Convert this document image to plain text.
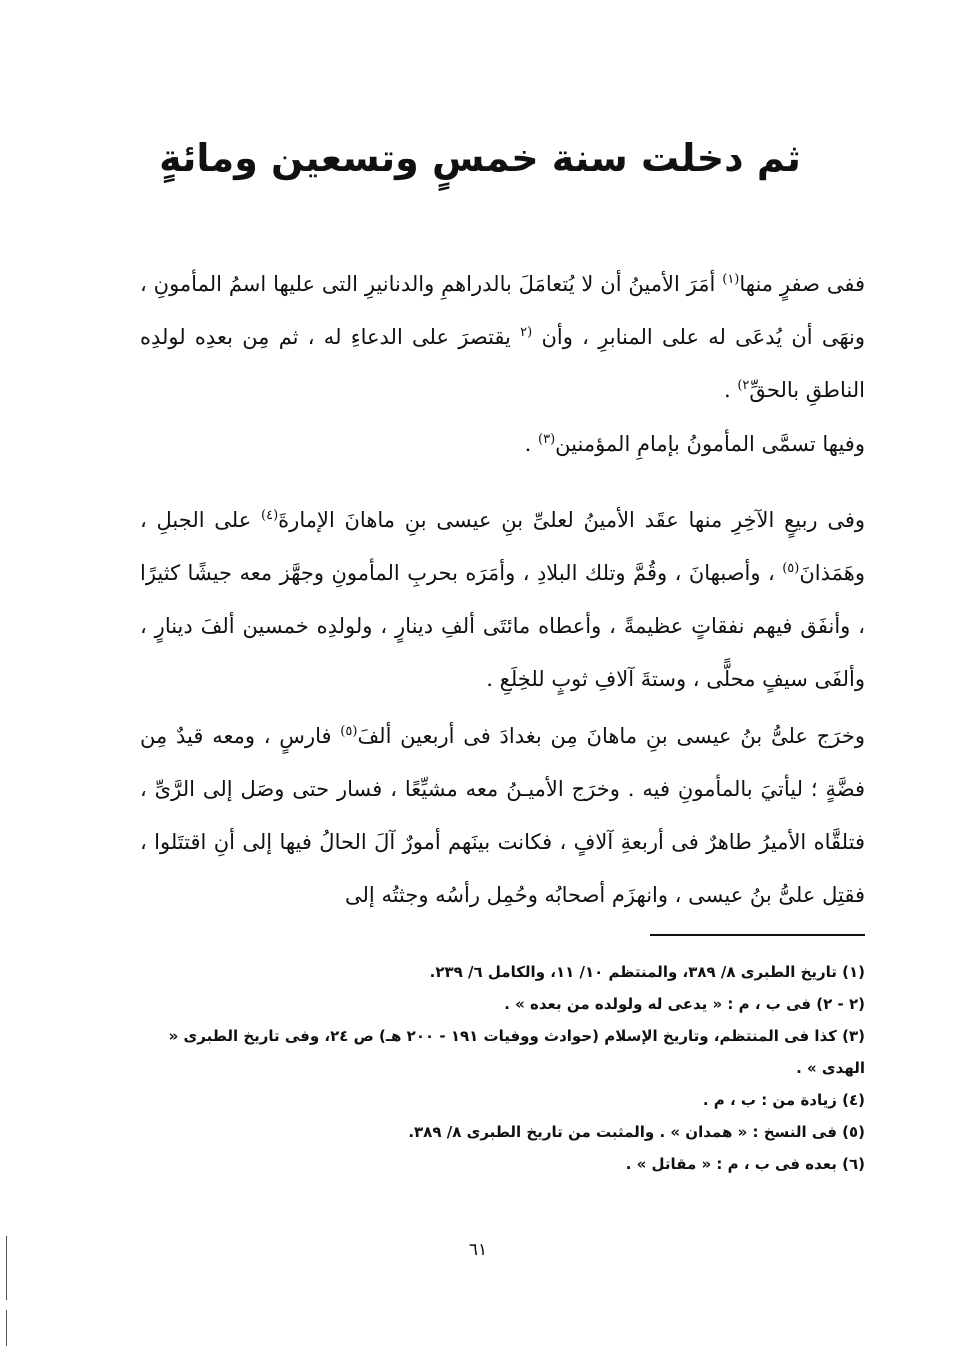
ثم دخلت سنة خمسٍ وتسعين ومائةٍ

ففى صفرٍ منها$^{(١)}$ أمَرَ الأمينُ أن لا يُتعامَلَ بالدراهمِ والدنانيرِ التى عليها اسمُ المأمونِ ، ونهَى أن يُدعَى له على المنابرِ ، وأن $^{(٢}$ يقتصرَ على الدعاءِ له ، ثم مِن بعدِه لولدِه الناطقِ بالحقِّ$^{٢)}$ .

وفيها تسمَّى المأمونُ بإمامِ المؤمنين$^{(٣)}$ .

وفى ربيعٍ الآخِرِ منها عقَد الأمينُ لعلىِّ بنِ عيسى بنِ ماهانَ الإمارةَ$^{(٤)}$ على الجبلِ ، وهَمَذانَ$^{(٥)}$ ، وأصبهانَ ، وقُمَّ وتلك البلادِ ، وأمَرَه بحربِ المأمونِ وجهَّز معه جيشًا كثيرًا ، وأنفَق فيهم نفقاتٍ عظيمةً ، وأعطاه مائتَى ألفِ دينارٍ ، ولولدِه خمسين ألفَ دينارٍ ، وألفَى سيفٍ محلًّى ، وستةَ آلافِ ثوبٍ للخِلَعِ .

وخرَج علىُّ بنُ عيسى بنِ ماهانَ مِن بغدادَ فى أربعين ألفَ$^{(٥)}$ فارسٍ ، ومعه قيدٌ مِن فضَّةٍ ؛ ليأتيَ بالمأمونِ فيه . وخرَج الأميـنُ معه مشيِّعًا ، فسار حتى وصَل إلى الرَّىِّ ، فتلقَّاه الأميرُ طاهرٌ فى أربعةِ آلافٍ ، فكانت بينَهم أمورٌ آلَ الحالُ فيها إلى أنِ اقتتَلوا ، فقتِل علىُّ بنُ عيسى ، وانهزَم أصحابُه وحُمِل رأسُه وجثتُه إلى

(١) تاريخ الطبرى ٨/ ٣٨٩، والمنتظم ١٠/ ١١، والكامل ٦/ ٢٣٩.
(٢ - ٢) فى ب ، م : « يدعى له ولولده من بعده » .
(٣) كذا فى المنتظم، وتاريخ الإسلام (حوادث ووفيات ١٩١ - ٢٠٠ هـ) ص ٢٤، وفى تاريخ الطبرى « الهدى » .
(٤) زيادة من : ب ، م .
(٥) فى النسخ : « همدان » . والمثبت من تاريخ الطبرى ٨/ ٣٨٩.
(٦) بعده فى ب ، م : « مقاتل » .
٦١
